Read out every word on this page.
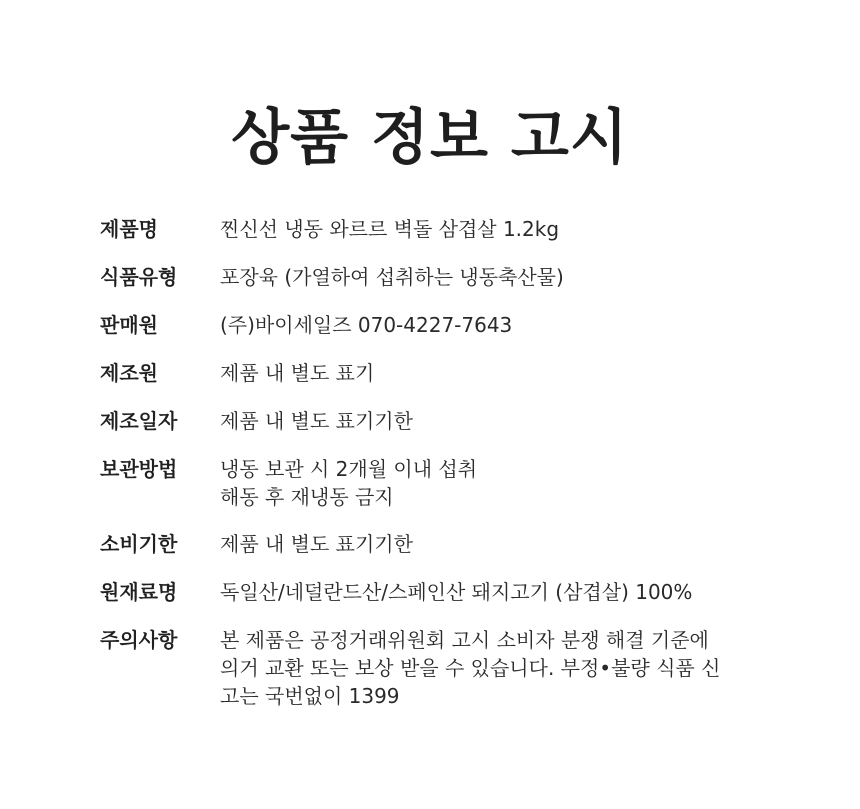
상품 정보 고시
제품명	찐신선 냉동 와르르 벽돌 삼겹살 1.2kg
식품유형	포장육 (가열하여 섭취하는 냉동축산물)
판매원	(주)바이세일즈 070-4227-7643
제조원	제품 내 별도 표기
제조일자	제품 내 별도 표기기한
보관방법	냉동 보관 시 2개월 이내 섭취
해동 후 재냉동 금지
소비기한	제품 내 별도 표기기한
원재료명	독일산/네덜란드산/스페인산 돼지고기 (삼겹살) 100%
주의사항	본 제품은 공정거래위원회 고시 소비자 분쟁 해결 기준에
의거 교환 또는 보상 받을 수 있습니다. 부정•불량 식품 신
고는 국번없이 1399
